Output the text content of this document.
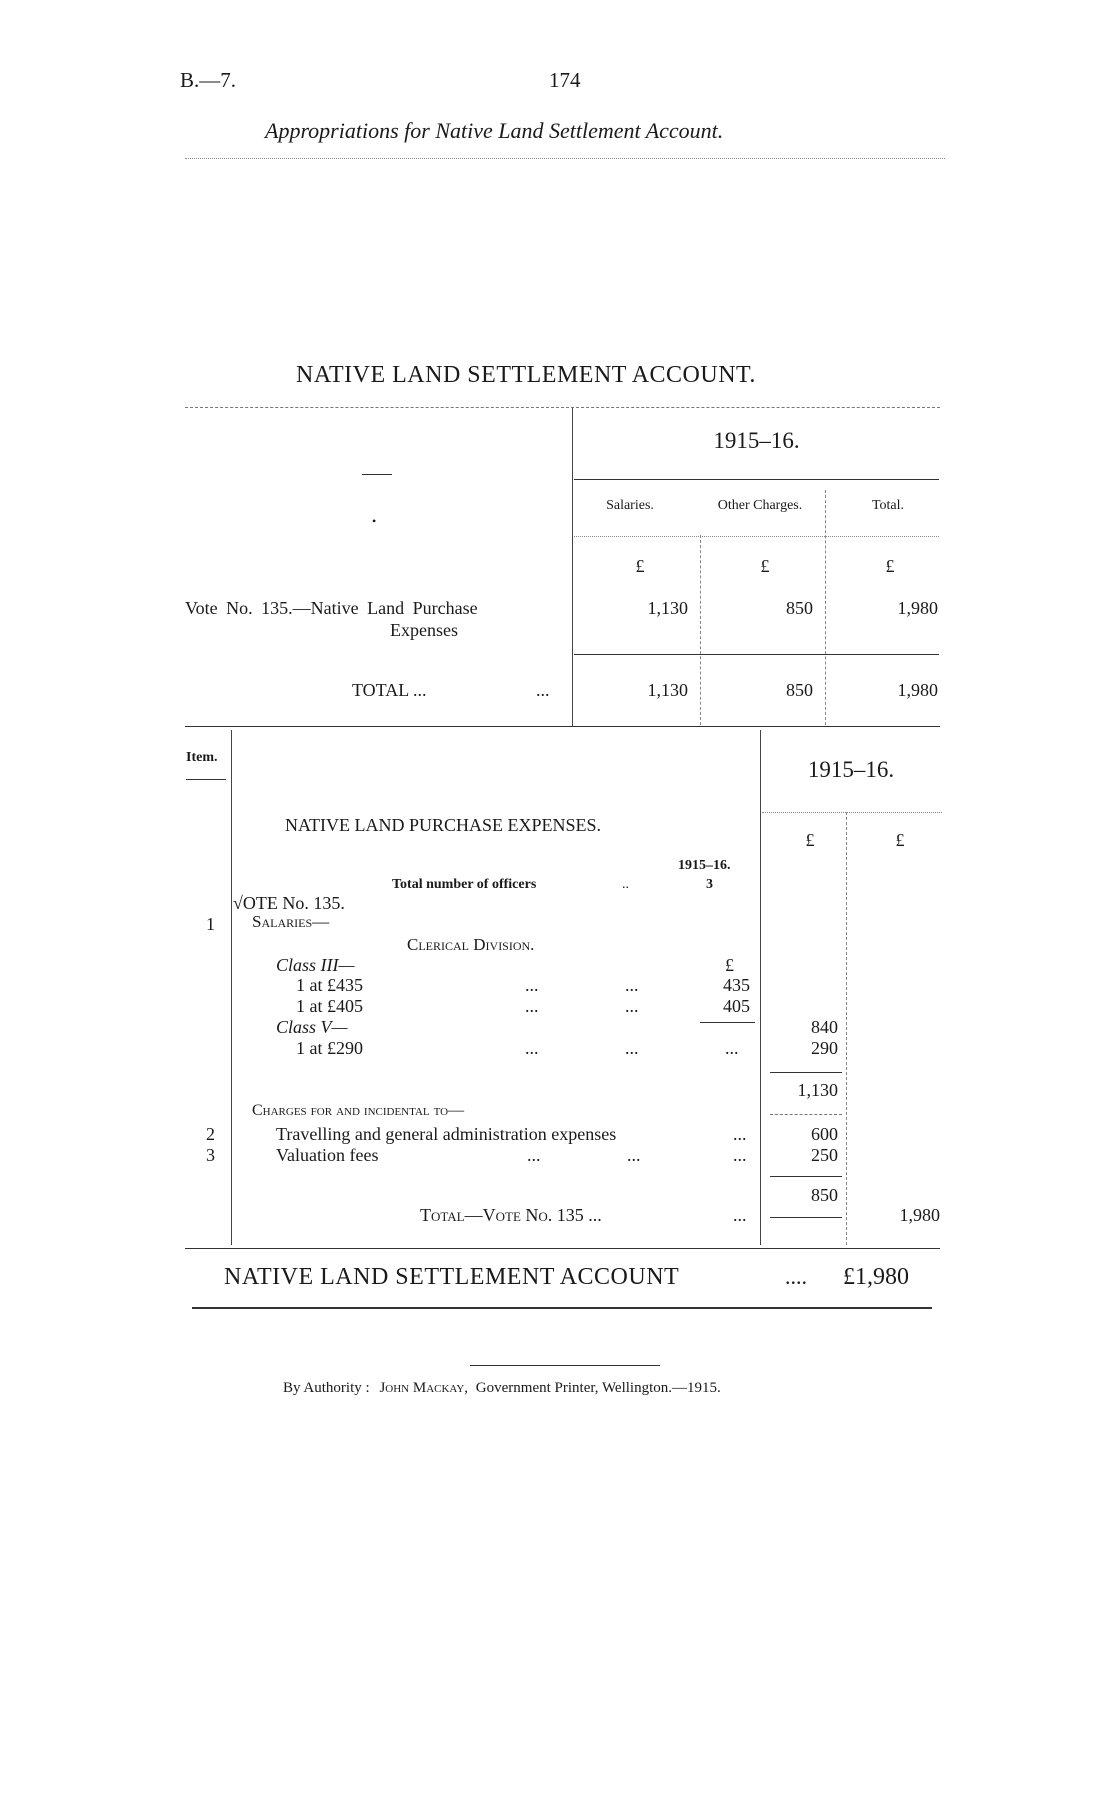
B.—7.	174
Appropriations for Native Land Settlement Account.
NATIVE LAND SETTLEMENT ACCOUNT.
1915–16.
•
Salaries.	Other Charges.	Total.
£	£	£
Vote No. 135.—Native Land Purchase
Expenses
1,130	850	1,980
TOTAL ...	...	1,130	850	1,980
Item.	1915–16.
£	£
NATIVE LAND PURCHASE EXPENSES.
1915–16.
Total number of officers	..	3
√OTE No. 135.
1 Salaries—
Clerical Division.
Class III—	£
1 at £435	...	...	435
1 at £405	...	...	405
Class V—	840
1 at £290	...	...	...	290
1,130
Charges for and incidental to—
2	Travelling and general administration expenses	...	600
3	Valuation fees	...	...	...	250
850
Total—Vote No. 135 ...	...	1,980
NATIVE LAND SETTLEMENT ACCOUNT	.... £1,980
By Authority : John Mackay, Government Printer, Wellington.—1915.
